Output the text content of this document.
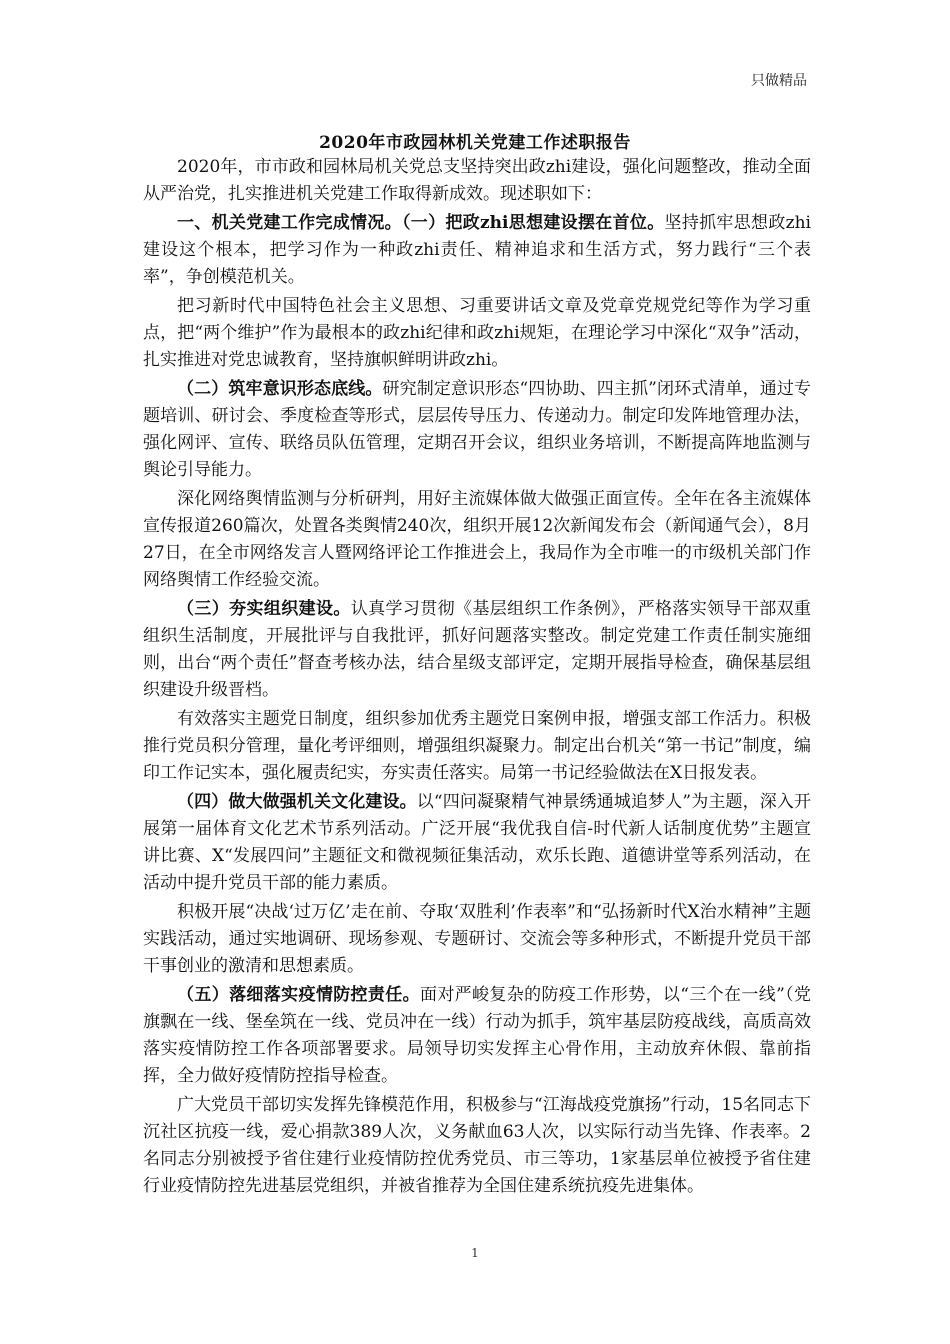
只做精品
2020年市政园林机关党建工作述职报告

2020年，市市政和园林局机关党总支坚持突出政zhi建设，强化问题整改，推动全面从严治党，扎实推进机关党建工作取得新成效。现述职如下：

一、机关党建工作完成情况。（一）把政zhi思想建设摆在首位。坚持抓牢思想政zhi建设这个根本，把学习作为一种政zhi责任、精神追求和生活方式，努力践行“三个表率”，争创模范机关。

把习新时代中国特色社会主义思想、习重要讲话文章及党章党规党纪等作为学习重点，把“两个维护”作为最根本的政zhi纪律和政zhi规矩，在理论学习中深化“双争”活动，扎实推进对党忠诚教育，坚持旗帜鲜明讲政zhi。

（二）筑牢意识形态底线。研究制定意识形态“四协助、四主抓”闭环式清单，通过专题培训、研讨会、季度检查等形式，层层传导压力、传递动力。制定印发阵地管理办法，强化网评、宣传、联络员队伍管理，定期召开会议，组织业务培训，不断提高阵地监测与舆论引导能力。

深化网络舆情监测与分析研判，用好主流媒体做大做强正面宣传。全年在各主流媒体宣传报道260篇次，处置各类舆情240次，组织开展12次新闻发布会（新闻通气会），8月27日，在全市网络发言人暨网络评论工作推进会上，我局作为全市唯一的市级机关部门作网络舆情工作经验交流。

（三）夯实组织建设。认真学习贯彻《基层组织工作条例》，严格落实领导干部双重组织生活制度，开展批评与自我批评，抓好问题落实整改。制定党建工作责任制实施细则，出台“两个责任”督查考核办法，结合星级支部评定，定期开展指导检查，确保基层组织建设升级晋档。

有效落实主题党日制度，组织参加优秀主题党日案例申报，增强支部工作活力。积极推行党员积分管理，量化考评细则，增强组织凝聚力。制定出台机关“第一书记”制度，编印工作记实本，强化履责纪实，夯实责任落实。局第一书记经验做法在X日报发表。

（四）做大做强机关文化建设。以“四问凝聚精气神景绣通城追梦人”为主题，深入开展第一届体育文化艺术节系列活动。广泛开展“我优我自信-时代新人话制度优势”主题宣讲比赛、X“发展四问”主题征文和微视频征集活动，欢乐长跑、道德讲堂等系列活动，在活动中提升党员干部的能力素质。

积极开展“决战‘过万亿’走在前、夺取‘双胜利’作表率”和“弘扬新时代X治水精神”主题实践活动，通过实地调研、现场参观、专题研讨、交流会等多种形式，不断提升党员干部干事创业的激清和思想素质。

（五）落细落实疫情防控责任。面对严峻复杂的防疫工作形势，以“三个在一线”（党旗飘在一线、堡垒筑在一线、党员冲在一线）行动为抓手，筑牢基层防疫战线，高质高效落实疫情防控工作各项部署要求。局领导切实发挥主心骨作用，主动放弃休假、靠前指挥，全力做好疫情防控指导检查。

广大党员干部切实发挥先锋模范作用，积极参与“江海战疫党旗扬”行动，15名同志下沉社区抗疫一线，爱心捐款389人次，义务献血63人次，以实际行动当先锋、作表率。2名同志分别被授予省住建行业疫情防控优秀党员、市三等功，1家基层单位被授予省住建行业疫情防控先进基层党组织，并被省推荐为全国住建系统抗疫先进集体。

1
